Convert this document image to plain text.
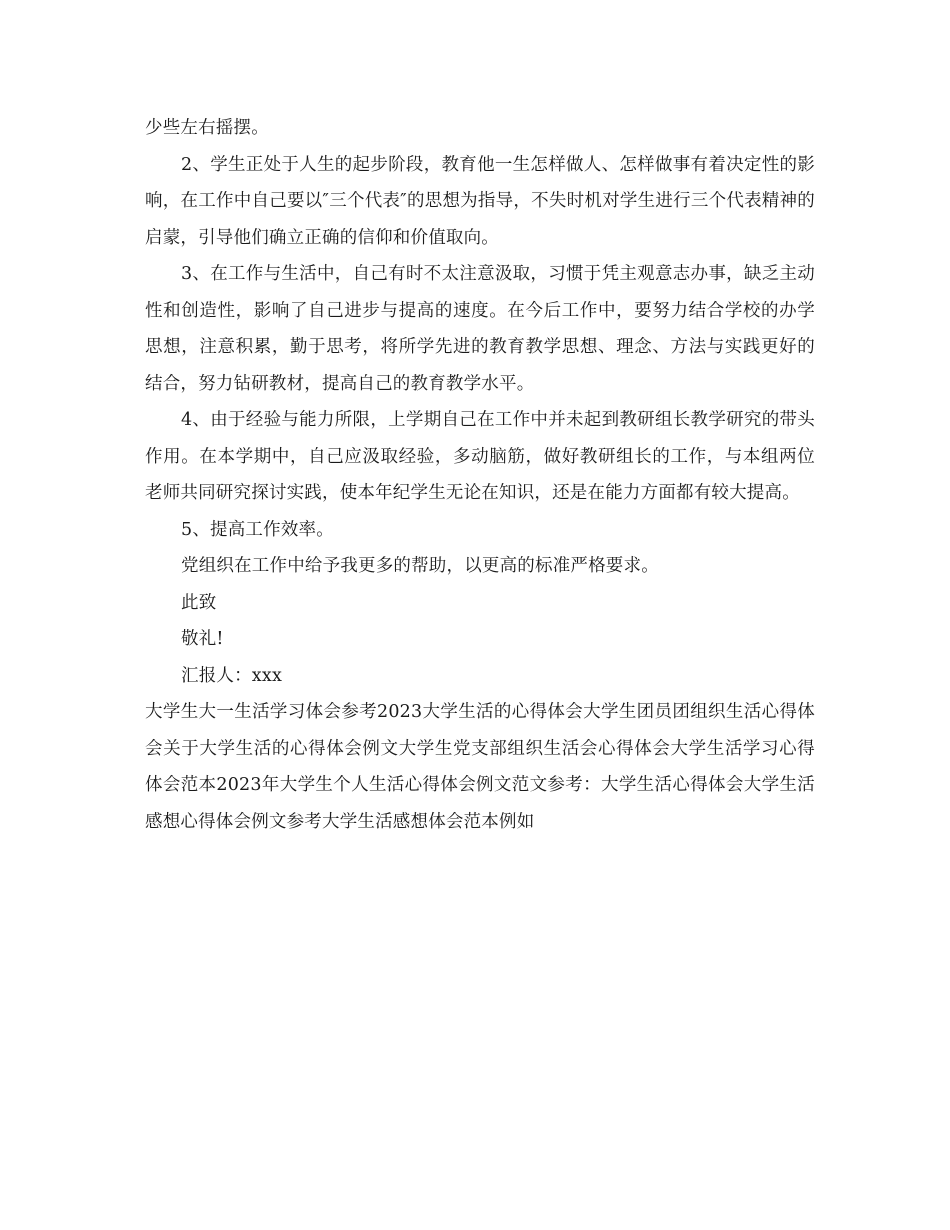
少些左右摇摆。

2、学生正处于人生的起步阶段，教育他一生怎样做人、怎样做事有着决定性的影响，在工作中自己要以″三个代表″的思想为指导，不失时机对学生进行三个代表精神的启蒙，引导他们确立正确的信仰和价值取向。

3、在工作与生活中，自己有时不太注意汲取，习惯于凭主观意志办事，缺乏主动性和创造性，影响了自己进步与提高的速度。在今后工作中，要努力结合学校的办学思想，注意积累，勤于思考，将所学先进的教育教学思想、理念、方法与实践更好的结合，努力钻研教材，提高自己的教育教学水平。

4、由于经验与能力所限，上学期自己在工作中并未起到教研组长教学研究的带头作用。在本学期中，自己应汲取经验，多动脑筋，做好教研组长的工作，与本组两位老师共同研究探讨实践，使本年纪学生无论在知识，还是在能力方面都有较大提高。

5、提高工作效率。

党组织在工作中给予我更多的帮助，以更高的标准严格要求。

此致

敬礼!

汇报人：xxx

大学生大一生活学习体会参考2023大学生活的心得体会大学生团员团组织生活心得体会关于大学生活的心得体会例文大学生党支部组织生活会心得体会大学生活学习心得体会范本2023年大学生个人生活心得体会例文范文参考：大学生活心得体会大学生活感想心得体会例文参考大学生活感想体会范本例如
